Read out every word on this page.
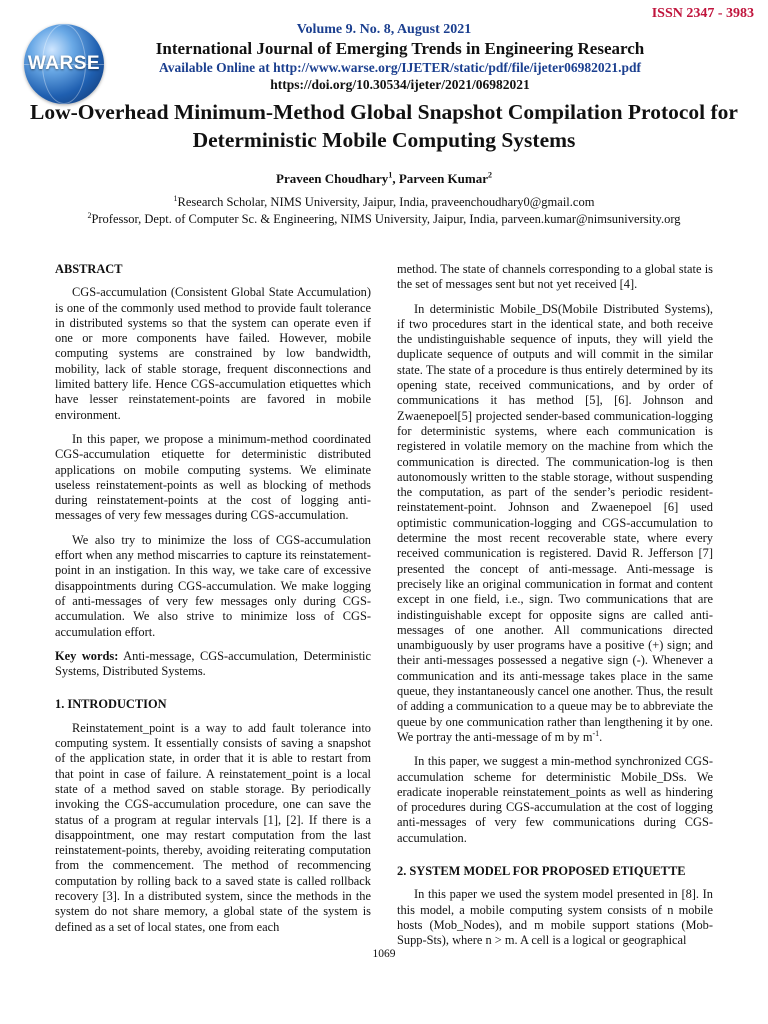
WARSE
ISSN 2347 - 3983
Volume 9. No. 8, August 2021
International Journal of Emerging Trends in Engineering Research
Available Online at http://www.warse.org/IJETER/static/pdf/file/ijeter06982021.pdf
https://doi.org/10.30534/ijeter/2021/06982021
Low-Overhead Minimum-Method Global Snapshot Compilation Protocol for Deterministic Mobile Computing Systems
Praveen Choudhary$^1$, Parveen Kumar$^2$
$^1$Research Scholar, NIMS University, Jaipur, India, praveenchoudhary0@gmail.com
$^2$Professor, Dept. of Computer Sc. & Engineering, NIMS University, Jaipur, India, parveen.kumar@nimsuniversity.org
ABSTRACT

CGS-accumulation (Consistent Global State Accumulation) is one of the commonly used method to provide fault tolerance in distributed systems so that the system can operate even if one or more components have failed. However, mobile computing systems are constrained by low bandwidth, mobility, lack of stable storage, frequent disconnections and limited battery life. Hence CGS-accumulation etiquettes which have lesser reinstatement-points are favored in mobile environment.

In this paper, we propose a minimum-method coordinated CGS-accumulation etiquette for deterministic distributed applications on mobile computing systems. We eliminate useless reinstatement-points as well as blocking of methods during reinstatement-points at the cost of logging anti-messages of very few messages during CGS-accumulation.

We also try to minimize the loss of CGS-accumulation effort when any method miscarries to capture its reinstatement-point in an instigation. In this way, we take care of excessive disappointments during CGS-accumulation. We make logging of anti-messages of very few messages only during CGS-accumulation. We also strive to minimize loss of CGS-accumulation effort.

Key words: Anti-message, CGS-accumulation, Deterministic Systems, Distributed Systems.

1. INTRODUCTION

Reinstatement_point is a way to add fault tolerance into computing system. It essentially consists of saving a snapshot of the application state, in order that it is able to restart from that point in case of failure. A reinstatement_point is a local state of a method saved on stable storage. By periodically invoking the CGS-accumulation procedure, one can save the status of a program at regular intervals [1], [2]. If there is a disappointment, one may restart computation from the last reinstatement-points, thereby, avoiding reiterating computation from the commencement. The method of recommencing computation by rolling back to a saved state is called rollback recovery [3]. In a distributed system, since the methods in the system do not share memory, a global state of the system is defined as a set of local states, one from each

method. The state of channels corresponding to a global state is the set of messages sent but not yet received [4].

In deterministic Mobile_DS(Mobile Distributed Systems), if two procedures start in the identical state, and both receive the undistinguishable sequence of inputs, they will yield the duplicate sequence of outputs and will commit in the similar state. The state of a procedure is thus entirely determined by its opening state, received communications, and by order of communications it has method [5], [6]. Johnson and Zwaenepoel[5] projected sender-based communication-logging for deterministic systems, where each communication is registered in volatile memory on the machine from which the communication is directed. The communication-log is then autonomously written to the stable storage, without suspending the computation, as part of the sender’s periodic resident-reinstatement-point. Johnson and Zwaenepoel [6] used optimistic communication-logging and CGS-accumulation to determine the most recent recoverable state, where every received communication is registered. David R. Jefferson [7] presented the concept of anti-message. Anti-message is precisely like an original communication in format and content except in one field, i.e., sign. Two communications that are indistinguishable except for opposite signs are called anti-messages of one another. All communications directed unambiguously by user programs have a positive (+) sign; and their anti-messages possessed a negative sign (-). Whenever a communication and its anti-message takes place in the same queue, they instantaneously cancel one another. Thus, the result of adding a communication to a queue may be to abbreviate the queue by one communication rather than lengthening it by one. We portray the anti-message of m by $m^{-1}$.

In this paper, we suggest a min-method synchronized CGS-accumulation scheme for deterministic Mobile_DSs. We eradicate inoperable reinstatement_points as well as hindering of procedures during CGS-accumulation at the cost of logging anti-messages of very few communications during CGS-accumulation.

2. SYSTEM MODEL FOR PROPOSED ETIQUETTE

In this paper we used the system model presented in [8]. In this model, a mobile computing system consists of n mobile hosts (Mob_Nodes), and m mobile support stations (Mob-Supp-Sts), where n > m. A cell is a logical or geographical

1069
